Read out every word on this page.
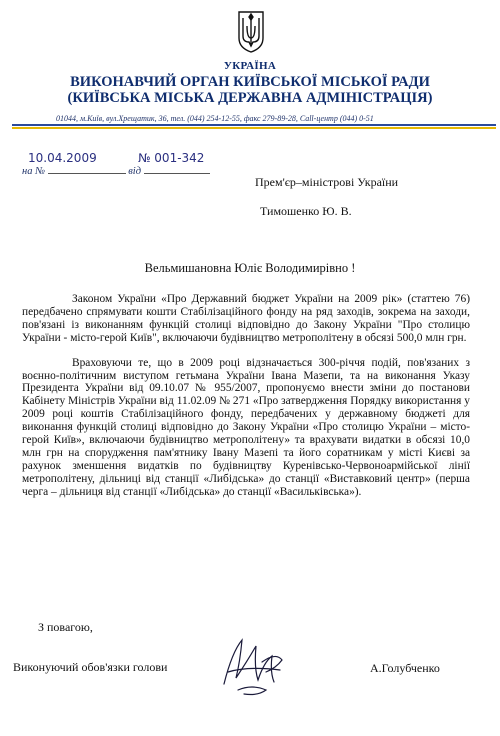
УКРАЇНА
ВИКОНАВЧИЙ ОРГАН КИЇВСЬКОЇ МІСЬКОЇ РАДИ
(КИЇВСЬКА МІСЬКА ДЕРЖАВНА АДМІНІСТРАЦІЯ)
01044, м.Київ, вул.Хрещатик, 36, тел. (044) 254-12-55, факс 279-89-28, Call-центр (044) 0-51
10.04.2009	№ 001-342
на №	від
Прем'єр–міністрові України
Тимошенко Ю. В.
Вельмишановна Юліє Володимирівно !

Законом України «Про Державний бюджет України на 2009 рік» (статтею 76) передбачено спрямувати кошти Стабілізаційного фонду на ряд заходів, зокрема на заходи, пов'язані із виконанням функцій столиці відповідно до Закону України "Про столицю України - місто-герой Київ", включаючи будівництво метрополітену в обсязі 500,0 млн грн.

Враховуючи те, що в 2009 році відзначається 300-річчя подій, пов'язаних з воєнно-політичним виступом гетьмана України Івана Мазепи, та на виконання Указу Президента України від 09.10.07 № 955/2007, пропонуємо внести зміни до постанови Кабінету Міністрів України від 11.02.09 № 271 «Про затвердження Порядку використання у 2009 році коштів Стабілізаційного фонду, передбачених у державному бюджеті для виконання функцій столиці відповідно до Закону України «Про столицю України – місто-герой Київ», включаючи будівництво метрополітену» та врахувати видатки в обсязі 10,0 млн грн на спорудження пам'ятнику Івану Мазепі та його соратникам у місті Києві за рахунок зменшення видатків по будівництву Куренівсько-Червоноармійської лінії метрополітену, дільниці від станції «Либідська» до станції «Виставковий центр» (перша черга – дільниця від станції «Либідська» до станції «Васильківська»).

З повагою,
Виконуючий обов'язки голови	А.Голубченко
